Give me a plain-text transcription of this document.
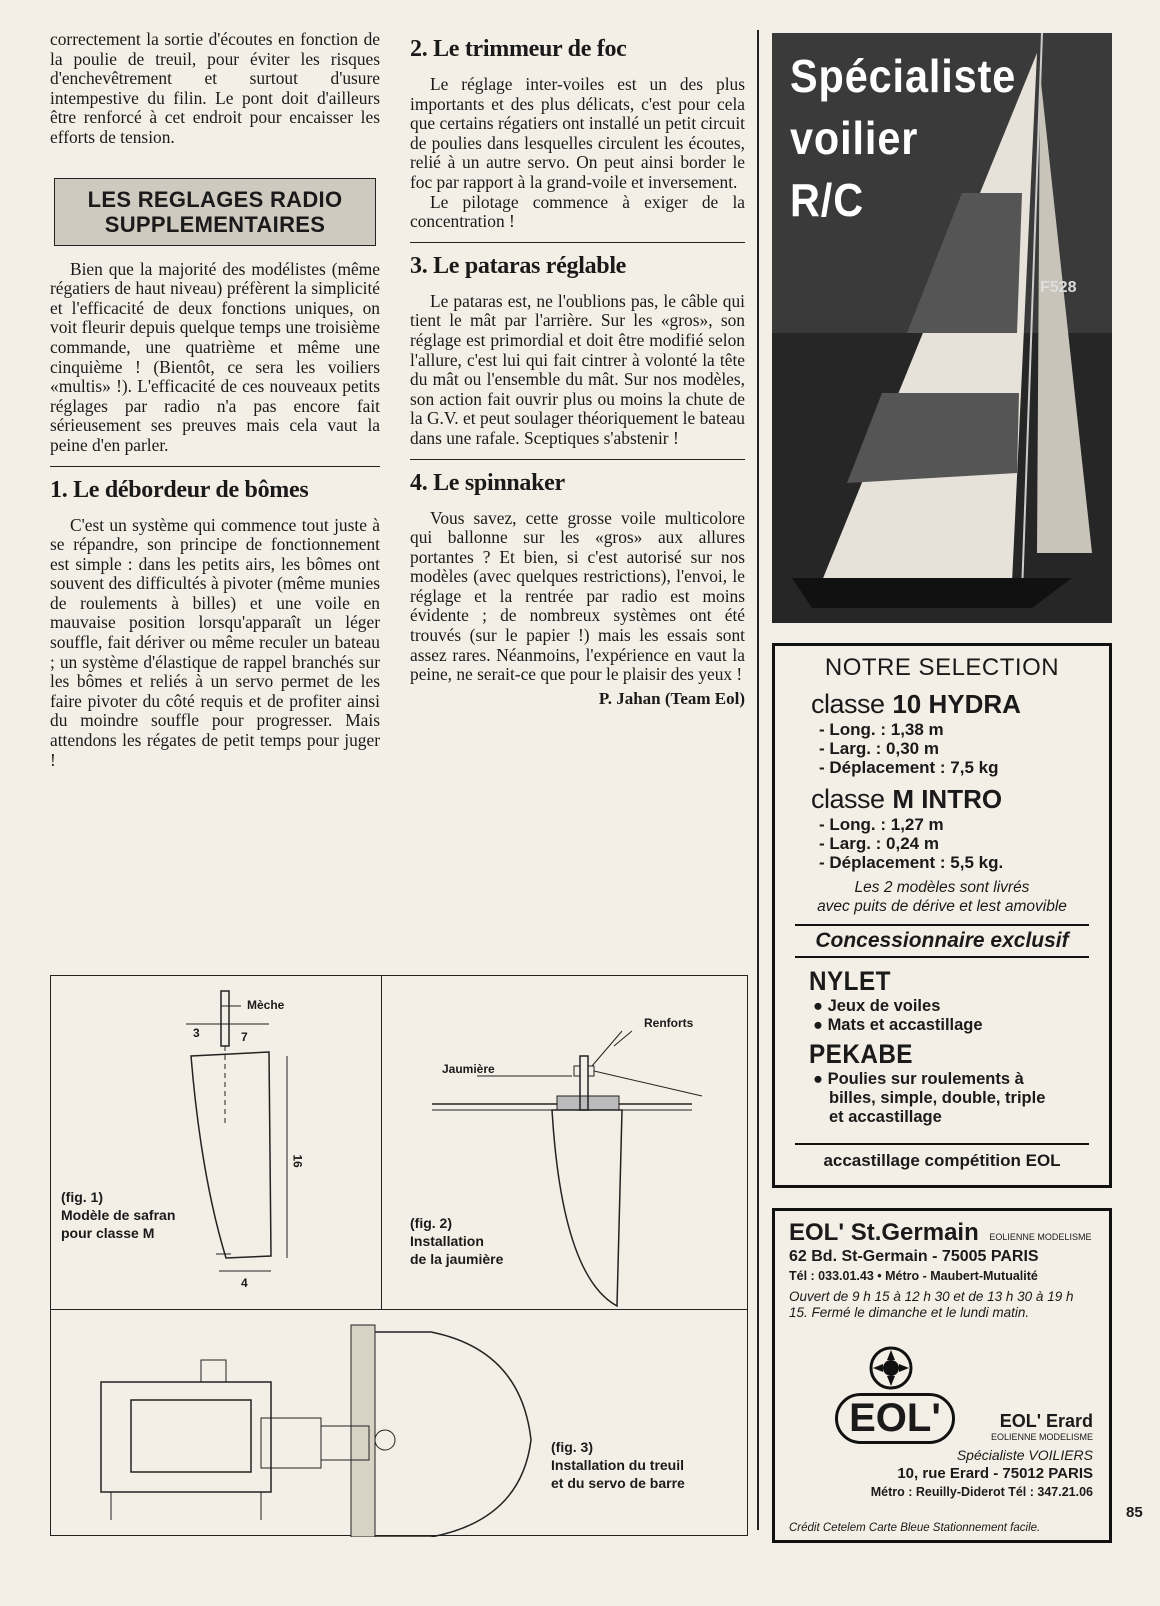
correctement la sortie d'écoutes en fonction de la poulie de treuil, pour éviter les risques d'enchevêtrement et surtout d'usure intempestive du filin. Le pont doit d'ailleurs être renforcé à cet endroit pour encaisser les efforts de tension.

LES REGLAGES RADIO SUPPLEMENTAIRES

Bien que la majorité des modélistes (même régatiers de haut niveau) préfèrent la simplicité et l'efficacité de deux fonctions uniques, on voit fleurir depuis quelque temps une troisième commande, une quatrième et même une cinquième ! (Bientôt, ce sera les voiliers «multis» !). L'efficacité de ces nouveaux petits réglages par radio n'a pas encore fait sérieusement ses preuves mais cela vaut la peine d'en parler.

1. Le débordeur de bômes

C'est un système qui commence tout juste à se répandre, son principe de fonctionnement est simple : dans les petits airs, les bômes ont souvent des difficultés à pivoter (même munies de roulements à billes) et une voile en mauvaise position lorsqu'apparaît un léger souffle, fait dériver ou même reculer un bateau ; un système d'élastique de rappel branchés sur les bômes et reliés à un servo permet de les faire pivoter du côté requis et de profiter ainsi du moindre souffle pour progresser. Mais attendons les régates de petit temps pour juger !

2. Le trimmeur de foc

Le réglage inter-voiles est un des plus importants et des plus délicats, c'est pour cela que certains régatiers ont installé un petit circuit de poulies dans lesquelles circulent les écoutes, relié à un autre servo. On peut ainsi border le foc par rapport à la grand-voile et inversement.

Le pilotage commence à exiger de la concentration !

3. Le pataras réglable

Le pataras est, ne l'oublions pas, le câble qui tient le mât par l'arrière. Sur les «gros», son réglage est primordial et doit être modifié selon l'allure, c'est lui qui fait cintrer à volonté la tête du mât ou l'ensemble du mât. Sur nos modèles, son action fait ouvrir plus ou moins la chute de la G.V. et peut soulager théoriquement le bateau dans une rafale. Sceptiques s'abstenir !

4. Le spinnaker

Vous savez, cette grosse voile multicolore qui ballonne sur les «gros» aux allures portantes ? Et bien, si c'est autorisé sur nos modèles (avec quelques restrictions), l'envoi, le réglage et la rentrée par radio est moins évidente ; de nombreux systèmes ont été trouvés (sur le papier !) mais les essais sont assez rares. Néanmoins, l'expérience en vaut la peine, ne serait-ce que pour le plaisir des yeux !

P. Jahan (Team Eol)
Mèche
3	7
16
4
(fig. 1)
Modèle de safran
pour classe M
Renforts
Jaumière
(fig. 2)
Installation
de la jaumière
(fig. 3)
Installation du treuil
et du servo de barre
Spécialiste
voilier
R/C
F528
NOTRE SELECTION
classe 10 HYDRA
- Long. : 1,38 m
- Larg. : 0,30 m
- Déplacement : 7,5 kg
classe M INTRO
- Long. : 1,27 m
- Larg. : 0,24 m
- Déplacement : 5,5 kg.
Les 2 modèles sont livrés
avec puits de dérive et lest amovible
Concessionnaire exclusif
NYLET
● Jeux de voiles
● Mats et accastillage
PEKABE
● Poulies sur roulements à
billes, simple, double, triple
et accastillage
accastillage compétition EOL
EOL' St.Germain EOLIENNE MODELISME
62 Bd. St-Germain - 75005 PARIS
Tél : 033.01.43 • Métro - Maubert-Mutualité
Ouvert de 9 h 15 à 12 h 30 et de 13 h 30 à 19 h 15. Fermé le dimanche et le lundi matin.
EOL'	EOL' Erard
EOLIENNE MODELISME
Spécialiste VOILIERS
10, rue Erard - 75012 PARIS
Métro : Reuilly-Diderot Tél : 347.21.06
Crédit Cetelem Carte Bleue Stationnement facile.
85
